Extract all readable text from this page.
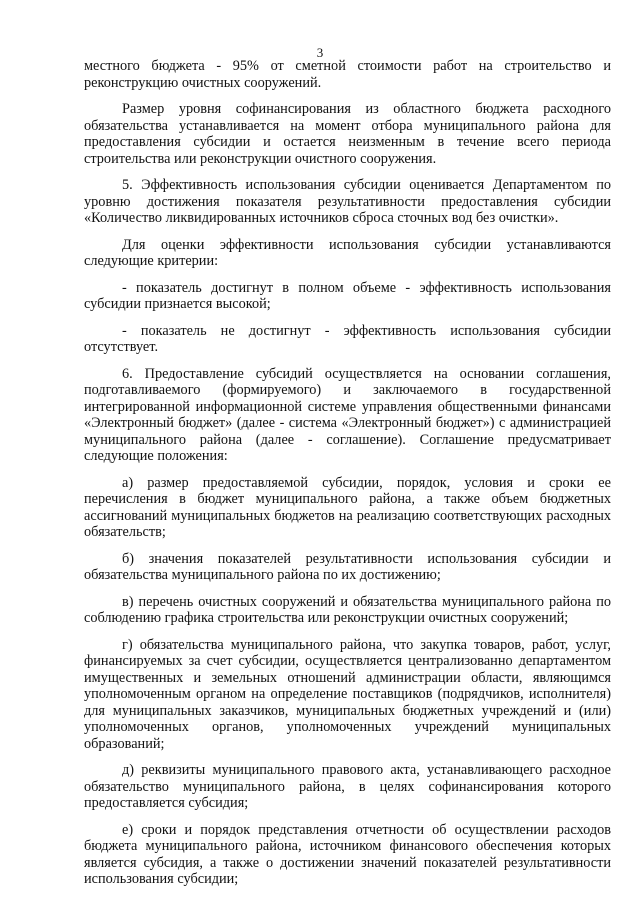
3

местного бюджета - 95% от сметной стоимости работ на строительство и реконструкцию очистных сооружений.

Размер уровня софинансирования из областного бюджета расходного обязательства устанавливается на момент отбора муниципального района для предоставления субсидии и остается неизменным в течение всего периода строительства или реконструкции очистного сооружения.

5. Эффективность использования субсидии оценивается Департаментом по уровню достижения показателя результативности предоставления субсидии «Количество ликвидированных источников сброса сточных вод без очистки».

Для оценки эффективности использования субсидии устанавливаются следующие критерии:

- показатель достигнут в полном объеме - эффективность использования субсидии признается высокой;

- показатель не достигнут - эффективность использования субсидии отсутствует.

6. Предоставление субсидий осуществляется на основании соглашения, подготавливаемого (формируемого) и заключаемого в государственной интегрированной информационной системе управления общественными финансами «Электронный бюджет» (далее - система «Электронный бюджет») с администрацией муниципального района (далее - соглашение). Соглашение предусматривает следующие положения:

а) размер предоставляемой субсидии, порядок, условия и сроки ее перечисления в бюджет муниципального района, а также объем бюджетных ассигнований муниципальных бюджетов на реализацию соответствующих расходных обязательств;

б) значения показателей результативности использования субсидии и обязательства муниципального района по их достижению;

в) перечень очистных сооружений и обязательства муниципального района по соблюдению графика строительства или реконструкции очистных сооружений;

г) обязательства муниципального района, что закупка товаров, работ, услуг, финансируемых за счет субсидии, осуществляется централизованно департаментом имущественных и земельных отношений администрации области, являющимся уполномоченным органом на определение поставщиков (подрядчиков, исполнителя) для муниципальных заказчиков, муниципальных бюджетных учреждений и (или) уполномоченных органов, уполномоченных учреждений муниципальных образований;

д) реквизиты муниципального правового акта, устанавливающего расходное обязательство муниципального района, в целях софинансирования которого предоставляется субсидия;

е) сроки и порядок представления отчетности об осуществлении расходов бюджета муниципального района, источником финансового обеспечения которых является субсидия, а также о достижении значений показателей результативности использования субсидии;
